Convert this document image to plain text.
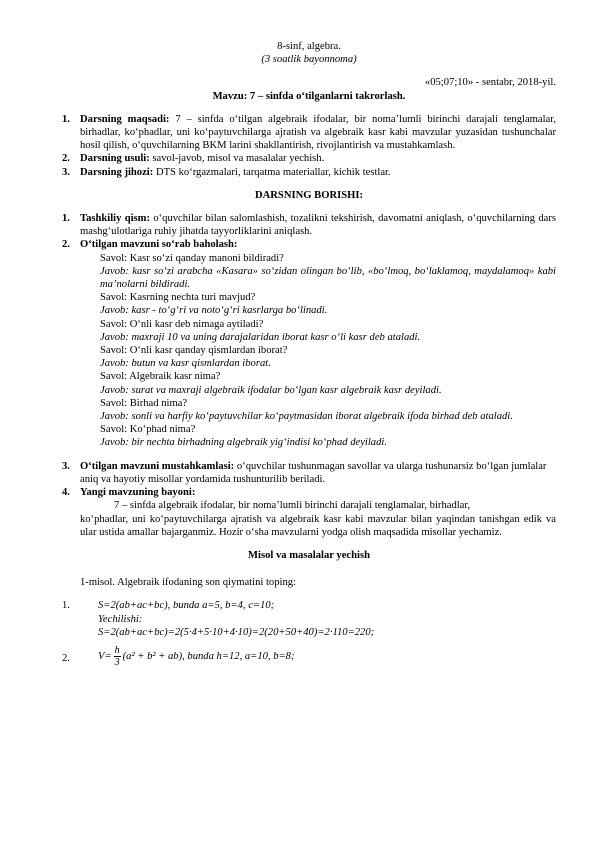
8-sinf, algebra.

(3 soatlik bayonnoma)

«05;07;10» - sentabr, 2018-yil.

Mavzu: 7 – sinfda o‘tilganlarni takrorlash.

1. Darsning maqsadi: 7 – sinfda o‘tilgan algebraik ifodalar, bir noma’lumli birinchi darajali tenglamalar, birhadlar, ko‘phadlar, uni ko‘paytuvchilarga ajratish va algebraik kasr kabi mavzular yuzasidan tushunchalar hosil qilish, o‘quvchilarning BKM larini shakllantirish, rivojlantirish va mustahkamlash.
2. Darsning usuli: savol-javob, misol va masalalar yechish.
3. Darsning jihozi: DTS ko‘rgazmalari, tarqatma materiallar, kichik testlar.

DARSNING BORISHI:

1. Tashkiliy qism: o‘quvchilar bilan salomlashish, tozalikni tekshirish, davomatni aniqlash, o‘quvchilarning dars mashg‘ulotlariga ruhiy jihatda tayyorliklarini aniqlash.
2. O‘tilgan mavzuni so‘rab baholash:

Savol: Kasr so‘zi qanday manoni bildiradi?

Javob: kasr so‘zi arabcha «Kasara» so‘zidan olingan bo‘lib, «bo‘lmoq, bo‘laklamoq, maydalamoq» kabi ma’nolarni bildiradi.

Savol: Kasrning nechta turi mavjud?

Javob: kasr - to‘g‘ri va noto‘g‘ri kasrlarga bo‘linadi.

Savol: O‘nli kasr deb nimaga aytiladi?

Javob: maxraji 10 va uning darajalaridan iborat kasr o‘li kasr deb ataladi.

Savol: O‘nli kasr qanday qismlardan iborat?

Javob: butun va kasr qismlardan iborat.

Savol: Algebraik kasr nima?

Javob: surat va maxraji algebraik ifodalar bo‘lgan kasr algebraik kasr deyiladi.

Savol: Birhad nima?

Javob: sonli va harfiy ko‘paytuvchilar ko‘paytmasidan iborat algebraik ifoda birhad deb ataladi.

Savol: Ko‘phad nima?

Javob: bir nechta birhadning algebraik yig‘indisi ko‘phad deyiladi.

3. O‘tilgan mavzuni mustahkamlasi: o‘quvchilar tushunmagan savollar va ularga tushunarsiz bo‘lgan jumlalar aniq va hayotiy misollar yordamida tushunturilib beriladi.
4. Yangi mavzuning bayoni:

7 – sinfda algebraik ifodalar, bir noma’lumli birinchi darajali tenglamalar, birhadlar,

ko‘phadlar, uni ko‘paytuvchilarga ajratish va algebraik kasr kabi mavzular bilan yaqindan tanishgan edik va ular ustida amallar bajarganmiz. Hozir o‘sha mavzularni yodga olish maqsadida misollar yechamiz.

Misol va masalalar yechish

1-misol. Algebraik ifodaning son qiymatini toping:

1.	S=2(ab+ac+bc), bunda a=5, b=4, c=10;

Yechilishi:

S=2(ab+ac+bc)=2(5·4+5·10+4·10)=2(20+50+40)=2·110=220;

2.	$V= \frac{h}{3} (a^2 + b^2 + ab)$, bunda h=12, a=10, b=8;
